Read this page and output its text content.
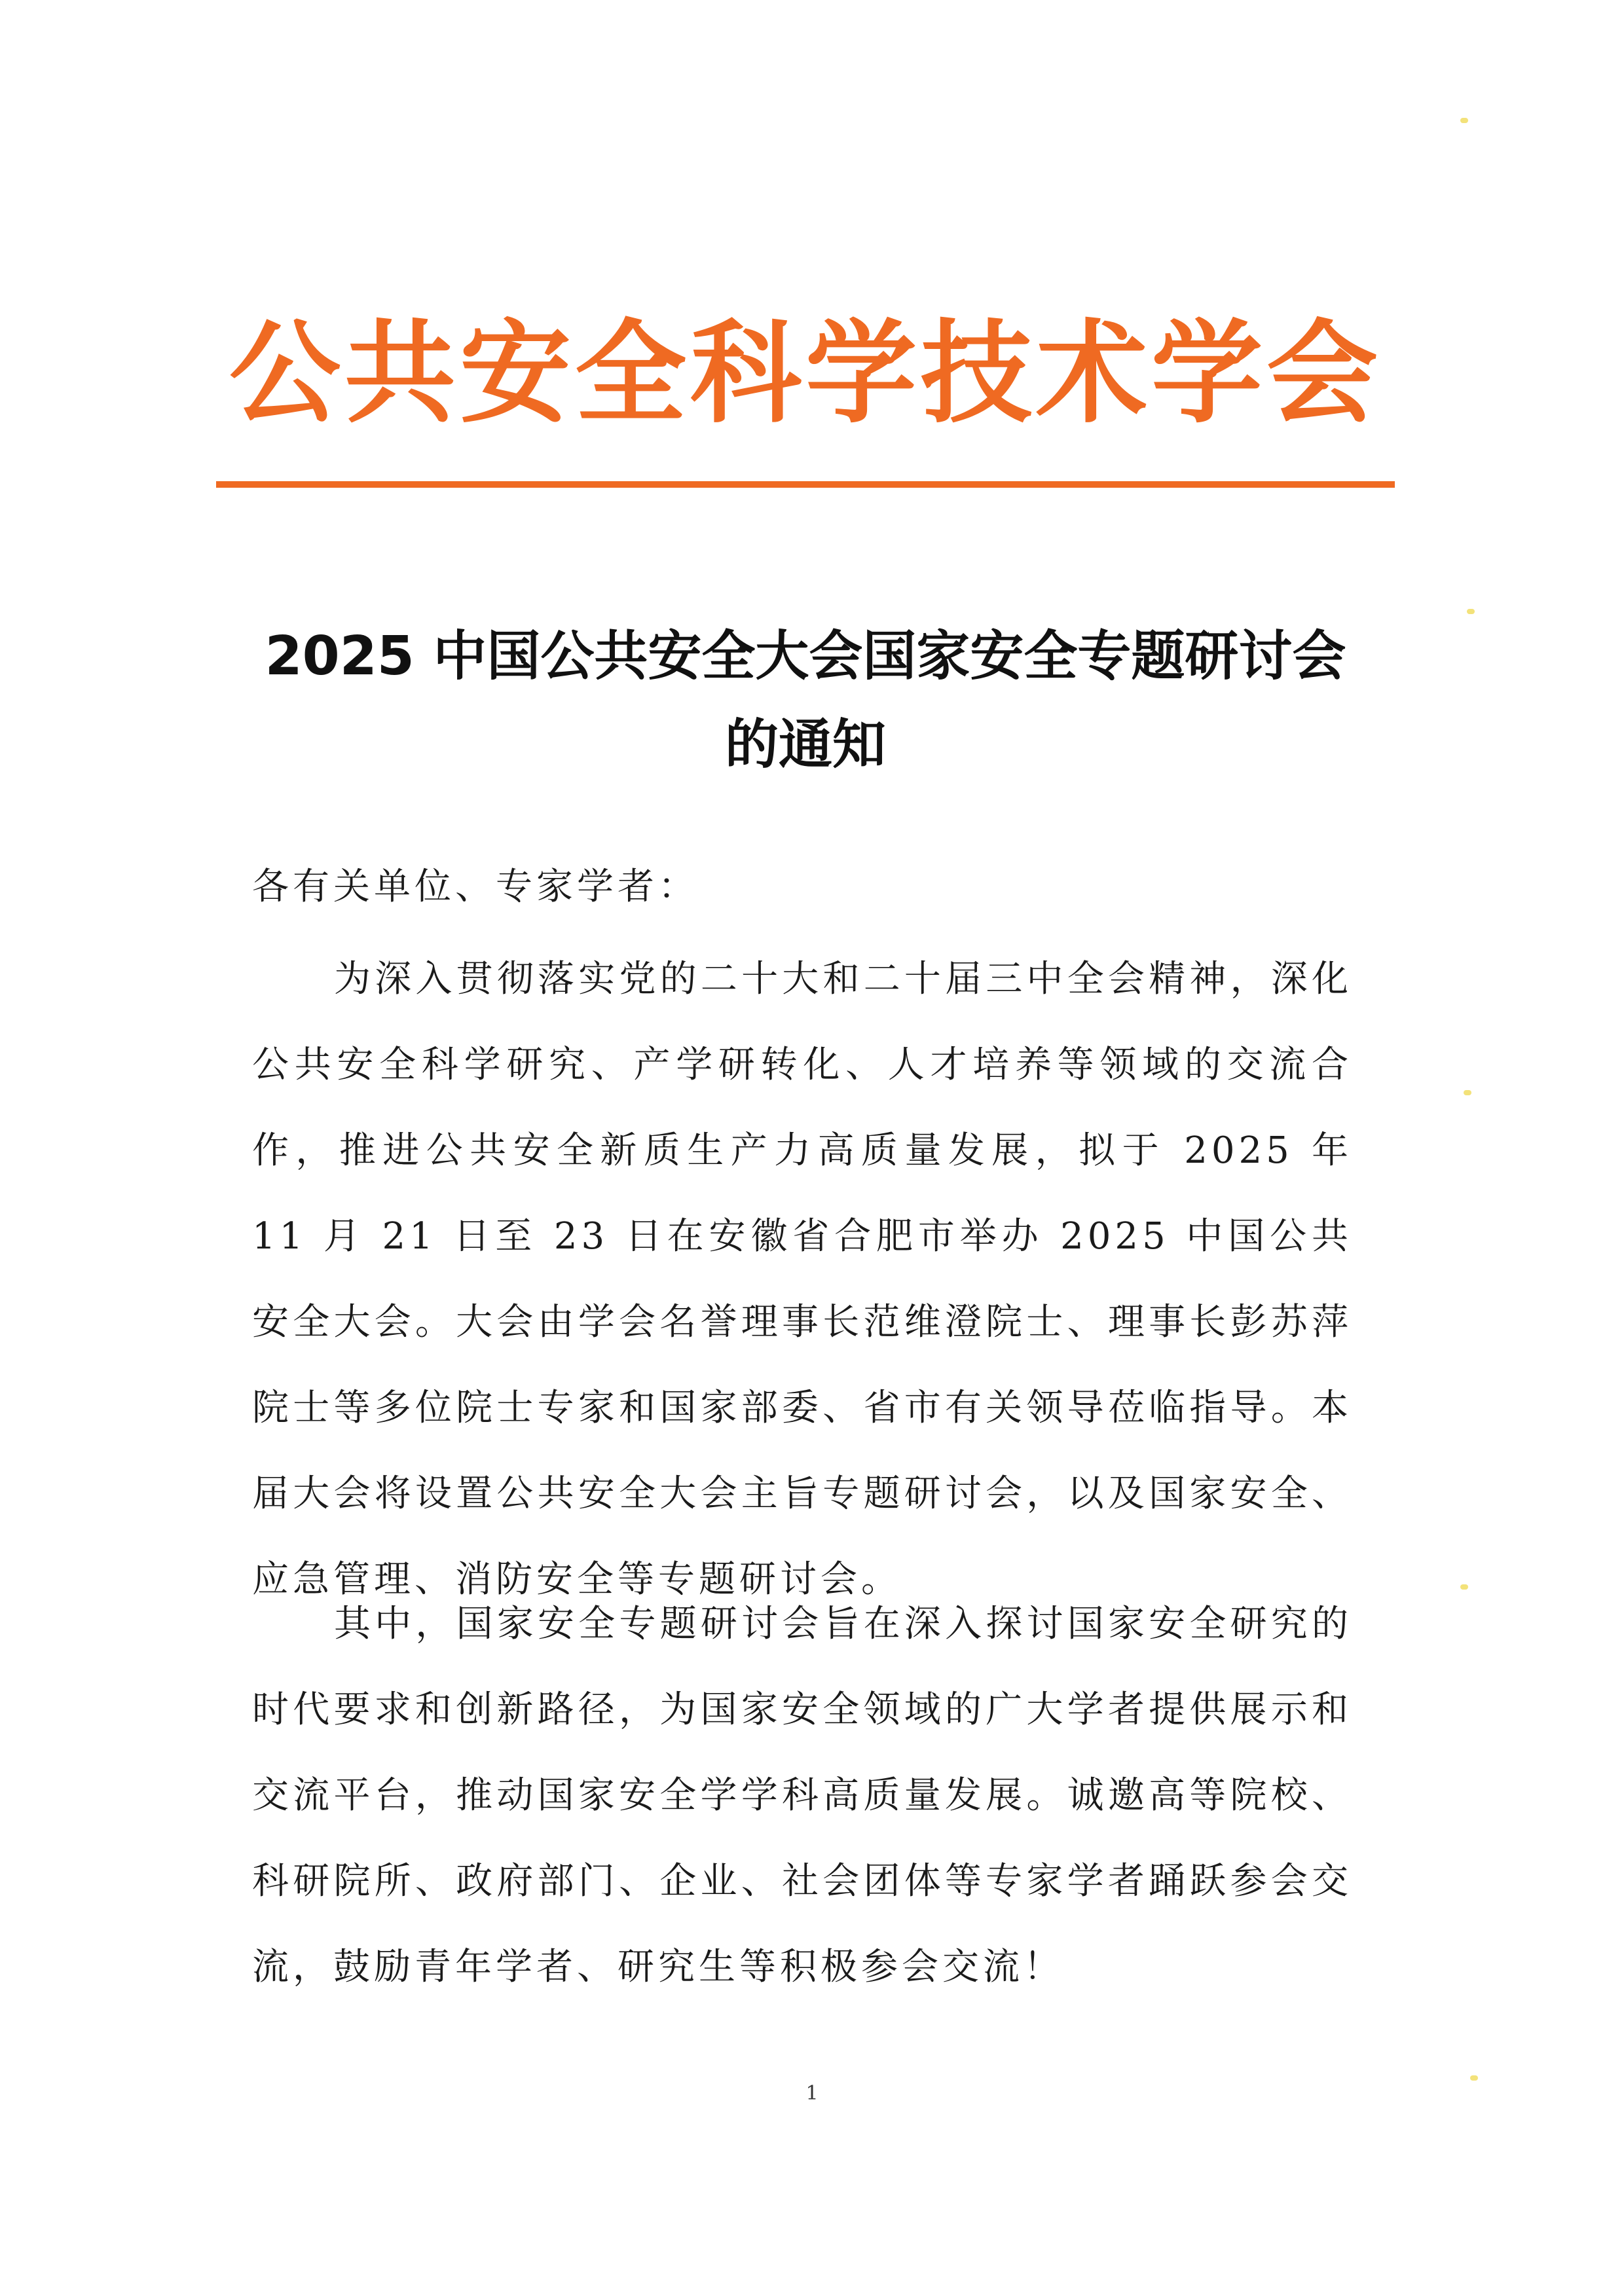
公共安全科学技术学会
2025 中国公共安全大会国家安全专题研讨会的通知
各有关单位、专家学者：

为深入贯彻落实党的二十大和二十届三中全会精神，深化公共安全科学研究、产学研转化、人才培养等领域的交流合作，推进公共安全新质生产力高质量发展，拟于 2025 年 11 月 21 日至 23 日在安徽省合肥市举办 2025 中国公共安全大会。大会由学会名誉理事长范维澄院士、理事长彭苏萍院士等多位院士专家和国家部委、省市有关领导莅临指导。本届大会将设置公共安全大会主旨专题研讨会，以及国家安全、应急管理、消防安全等专题研讨会。

其中，国家安全专题研讨会旨在深入探讨国家安全研究的时代要求和创新路径，为国家安全领域的广大学者提供展示和交流平台，推动国家安全学学科高质量发展。诚邀高等院校、科研院所、政府部门、企业、社会团体等专家学者踊跃参会交流，鼓励青年学者、研究生等积极参会交流！

1
